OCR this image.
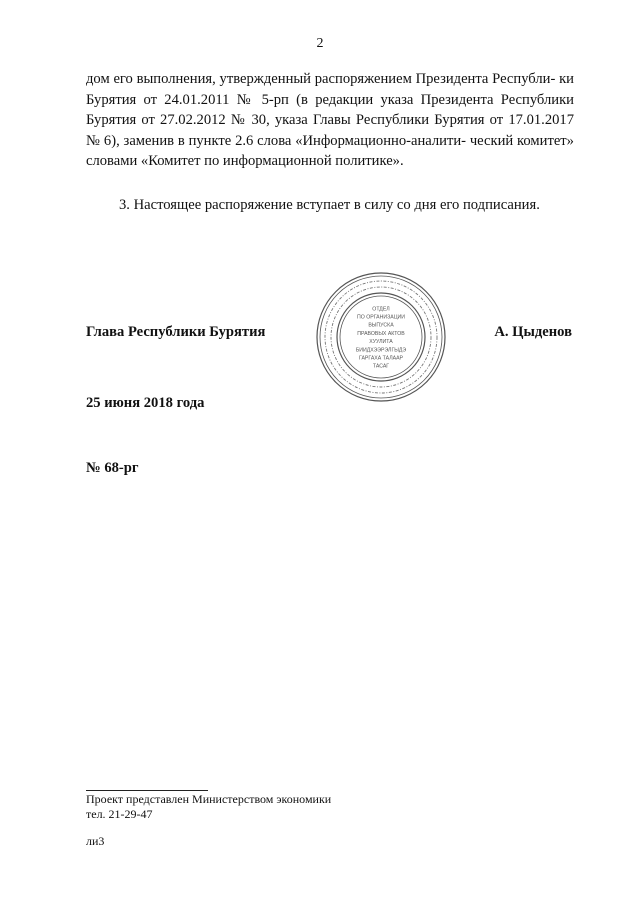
2

дом его выполнения, утвержденный распоряжением Президента Республи- ки Бурятия от 24.01.2011 № 5-рп (в редакции указа Президента Республики Бурятия от 27.02.2012 № 30, указа Главы Республики Бурятия от 17.01.2017 № 6), заменив в пункте 2.6 слова «Информационно-аналити- ческий комитет» словами «Комитет по информационной политике».

3. Настоящее распоряжение вступает в силу со дня его подписания.
Глава Республики Бурятия	А. Цыденов
ОТДЕЛ
ПО ОРГАНИЗАЦИИ
ВЫПУСКА
ПРАВОВЫХ АКТОВ
ХУУЛИТА
БИИДХЭЭРЭЛГЫДЭ
ГАРГАХА ТАЛААР
ТАСАГ
25 июня 2018 года
№ 68-рг
Проект представлен Министерством экономики
тел. 21-29-47
ли3
